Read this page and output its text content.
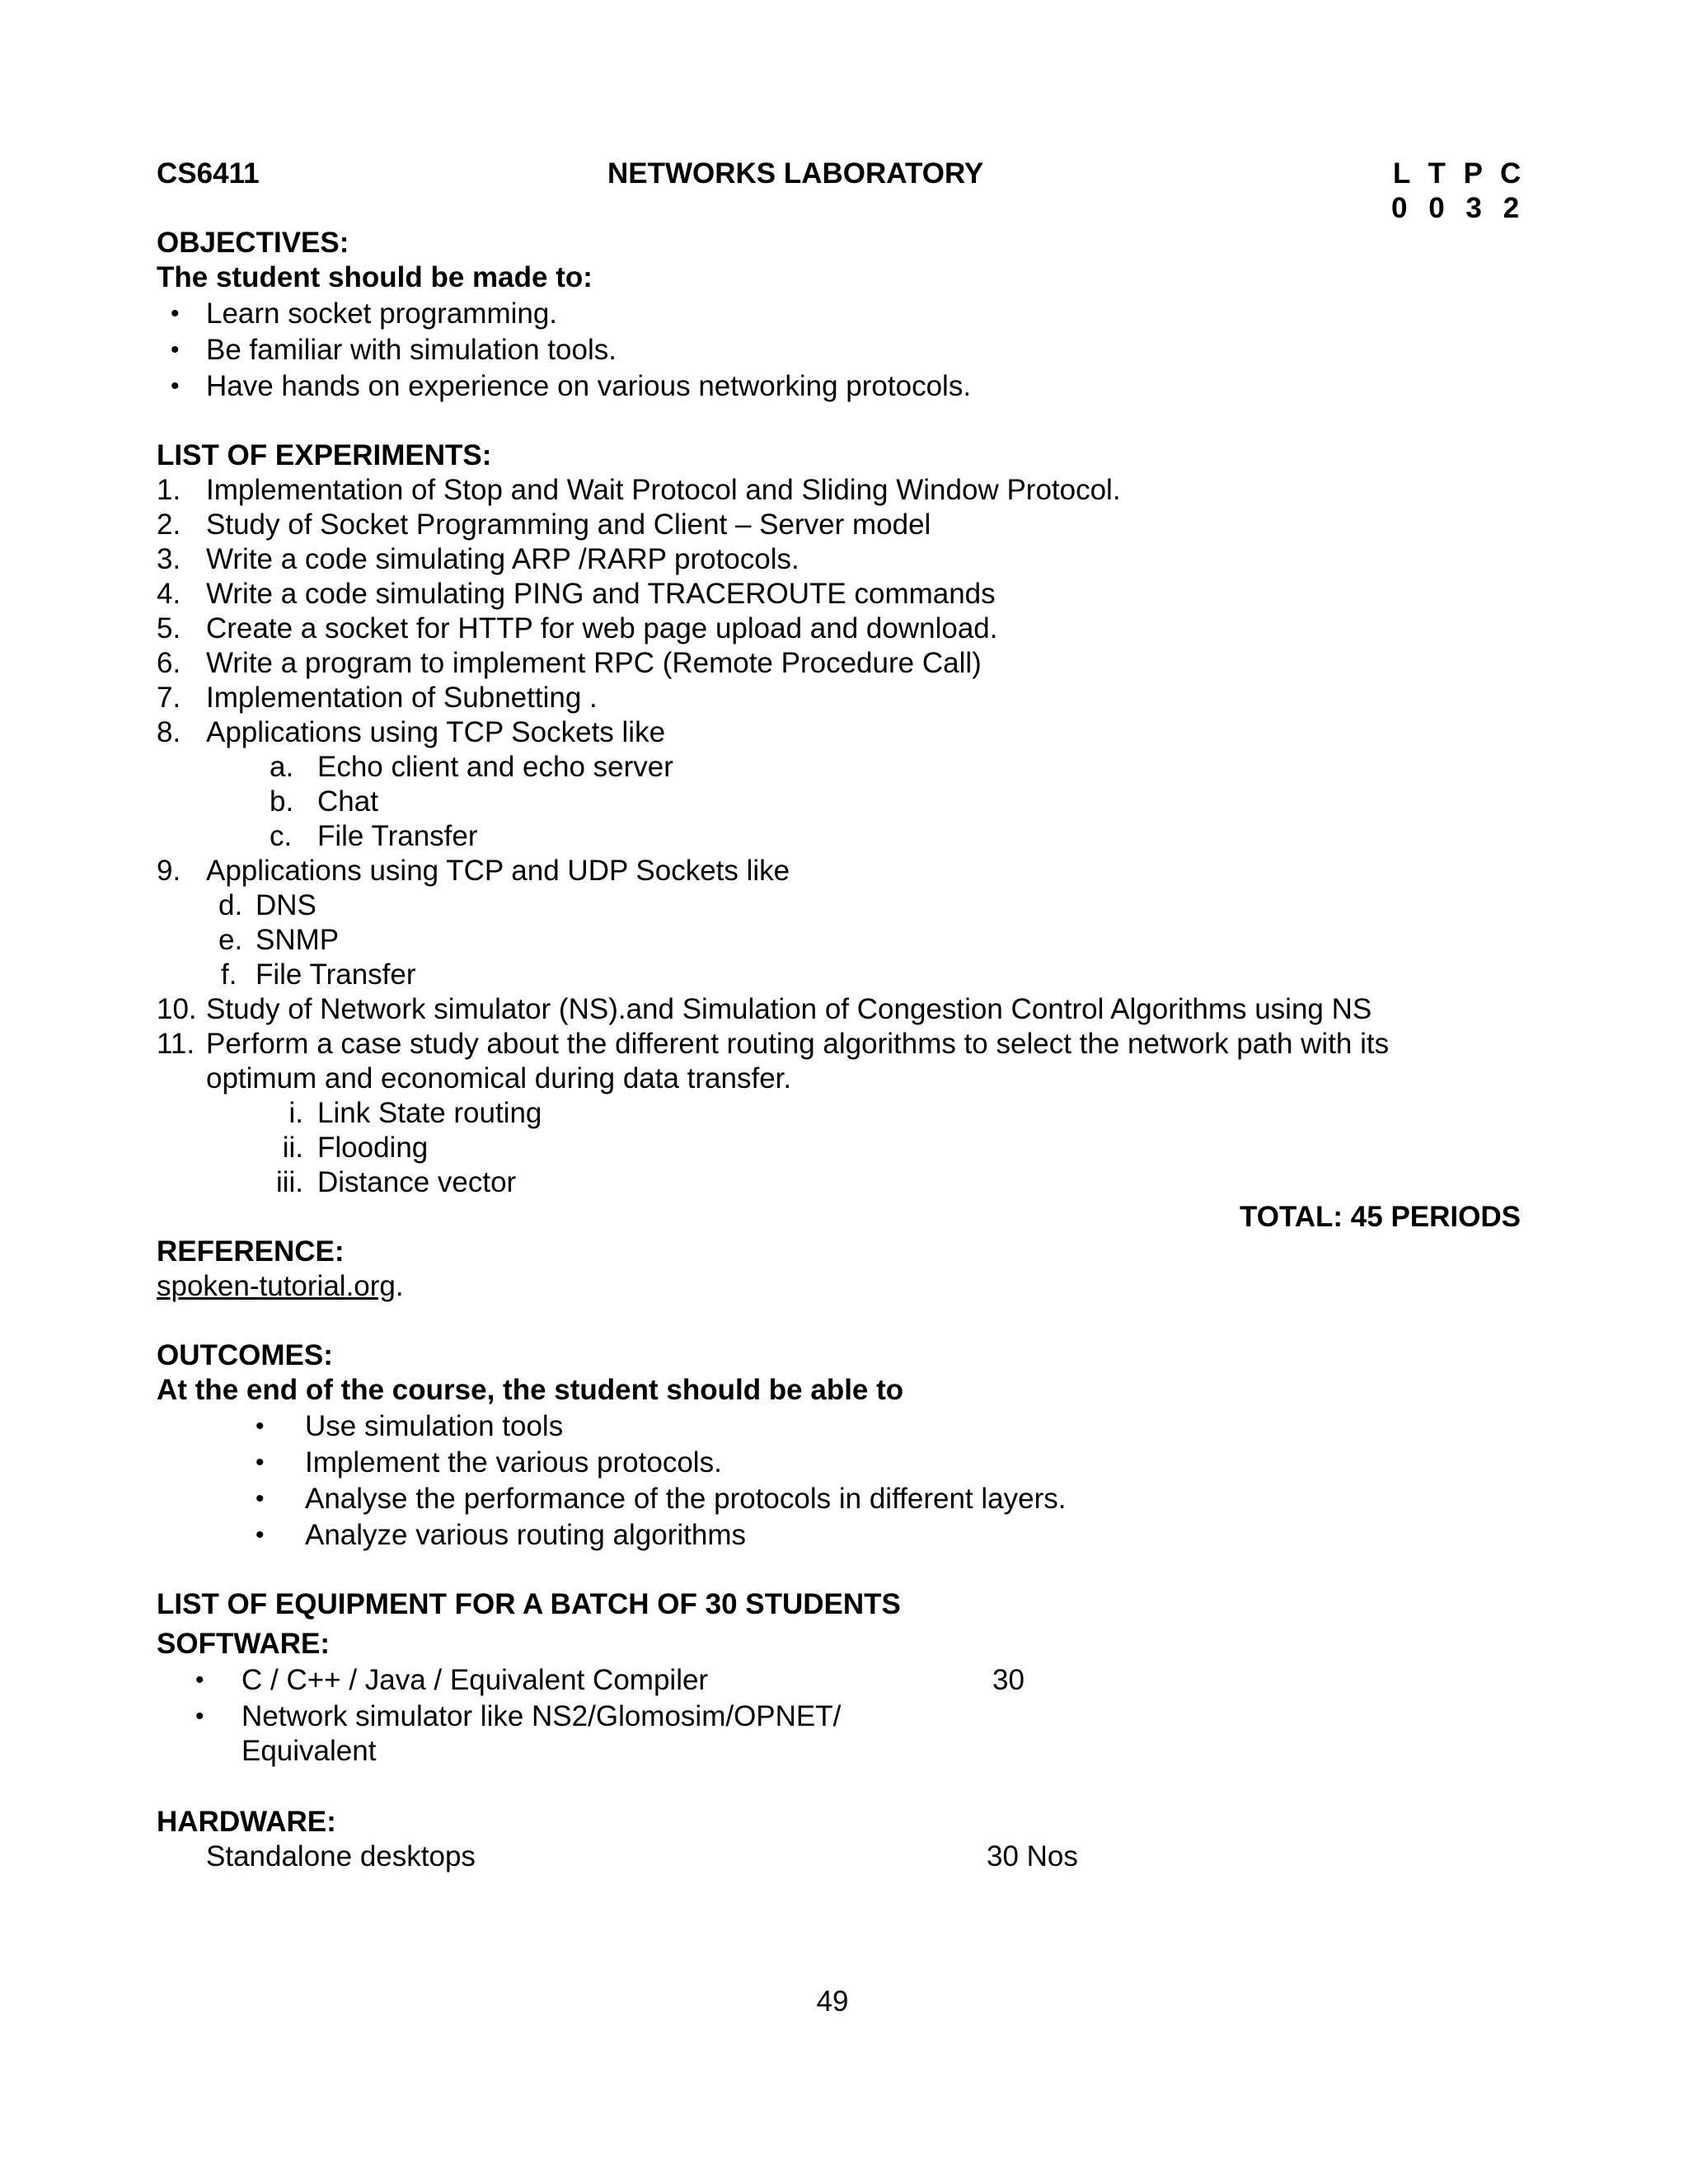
CS6411	NETWORKS LABORATORY	L T P C
0 0 3 2
OBJECTIVES:
The student should be made to:
• Learn socket programming.
• Be familiar with simulation tools.
• Have hands on experience on various networking protocols.
LIST OF EXPERIMENTS:
1. Implementation of Stop and Wait Protocol and Sliding Window Protocol.
2. Study of Socket Programming and Client – Server model
3. Write a code simulating ARP /RARP protocols.
4. Write a code simulating PING and TRACEROUTE commands
5. Create a socket for HTTP for web page upload and download.
6. Write a program to implement RPC (Remote Procedure Call)
7. Implementation of Subnetting .
8. Applications using TCP Sockets like
a. Echo client and echo server
b. Chat
c. File Transfer
9. Applications using TCP and UDP Sockets like
d. DNS
e. SNMP
f. File Transfer
10. Study of Network simulator (NS).and Simulation of Congestion Control Algorithms using NS
11. Perform a case study about the different routing algorithms to select the network path with its
optimum and economical during data transfer.
i. Link State routing
ii. Flooding
iii. Distance vector
TOTAL: 45 PERIODS
REFERENCE:
spoken-tutorial.org.
OUTCOMES:
At the end of the course, the student should be able to
• Use simulation tools
• Implement the various protocols.
• Analyse the performance of the protocols in different layers.
• Analyze various routing algorithms
LIST OF EQUIPMENT FOR A BATCH OF 30 STUDENTS
SOFTWARE:
• C / C++ / Java / Equivalent Compiler	30
• Network simulator like NS2/Glomosim/OPNET/
Equivalent
HARDWARE:
Standalone desktops	30 Nos
49
